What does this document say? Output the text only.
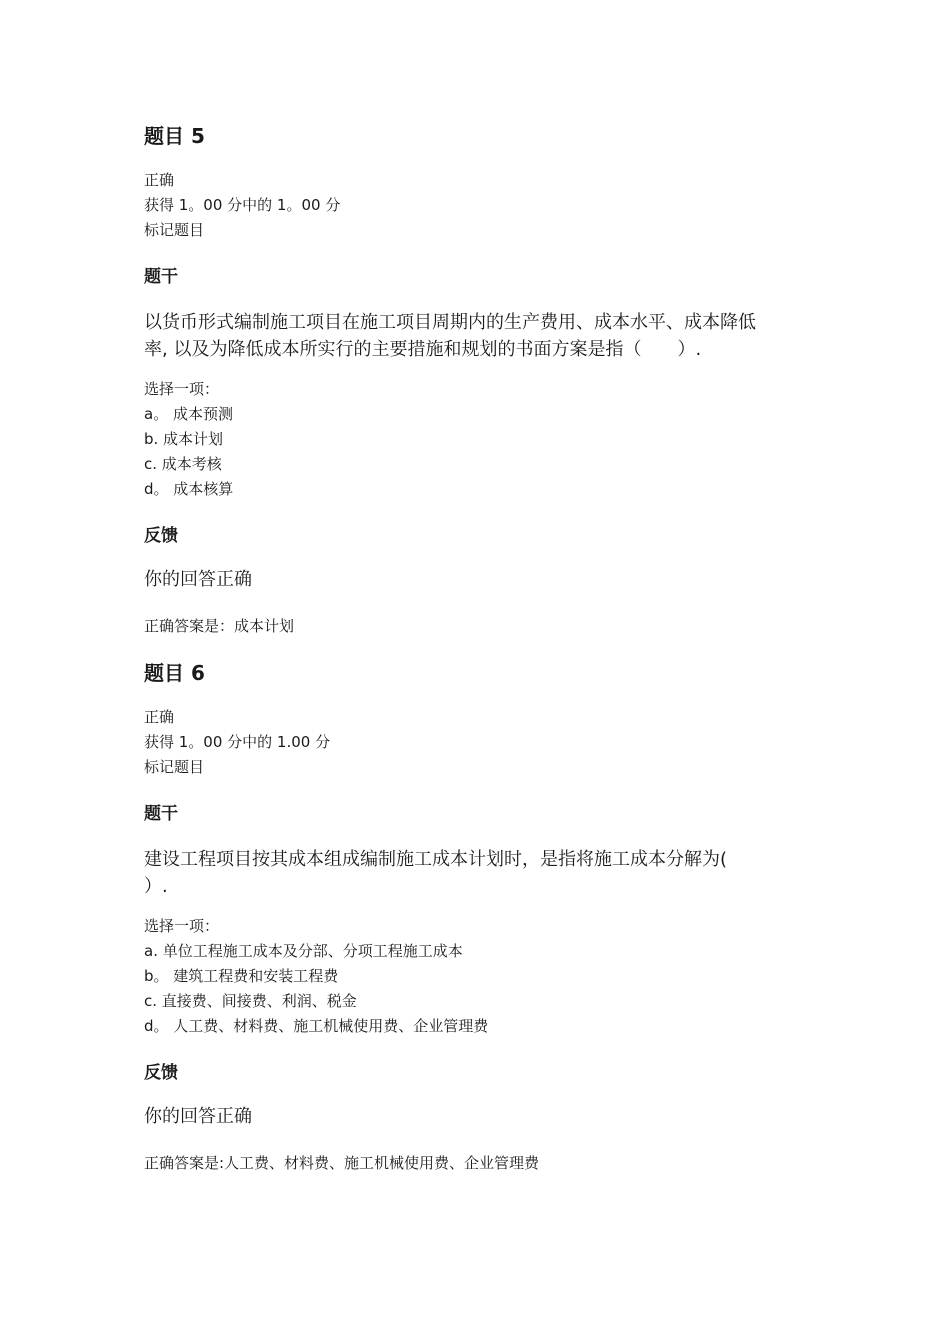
题目 5
正确
获得 1。00 分中的 1。00 分
标记题目
题干
以货币形式编制施工项目在施工项目周期内的生产费用、成本水平、成本降低
率, 以及为降低成本所实行的主要措施和规划的书面方案是指（　　）.
选择一项：
a。 成本预测
b. 成本计划
c. 成本考核
d。 成本核算
反馈
你的回答正确
正确答案是：成本计划
题目 6
正确
获得 1。00 分中的 1.00 分
标记题目
题干
建设工程项目按其成本组成编制施工成本计划时，是指将施工成本分解为(
）.
选择一项：
a. 单位工程施工成本及分部、分项工程施工成本
b。 建筑工程费和安装工程费
c. 直接费、间接费、利润、税金
d。 人工费、材料费、施工机械使用费、企业管理费
反馈
你的回答正确
正确答案是:人工费、材料费、施工机械使用费、企业管理费
